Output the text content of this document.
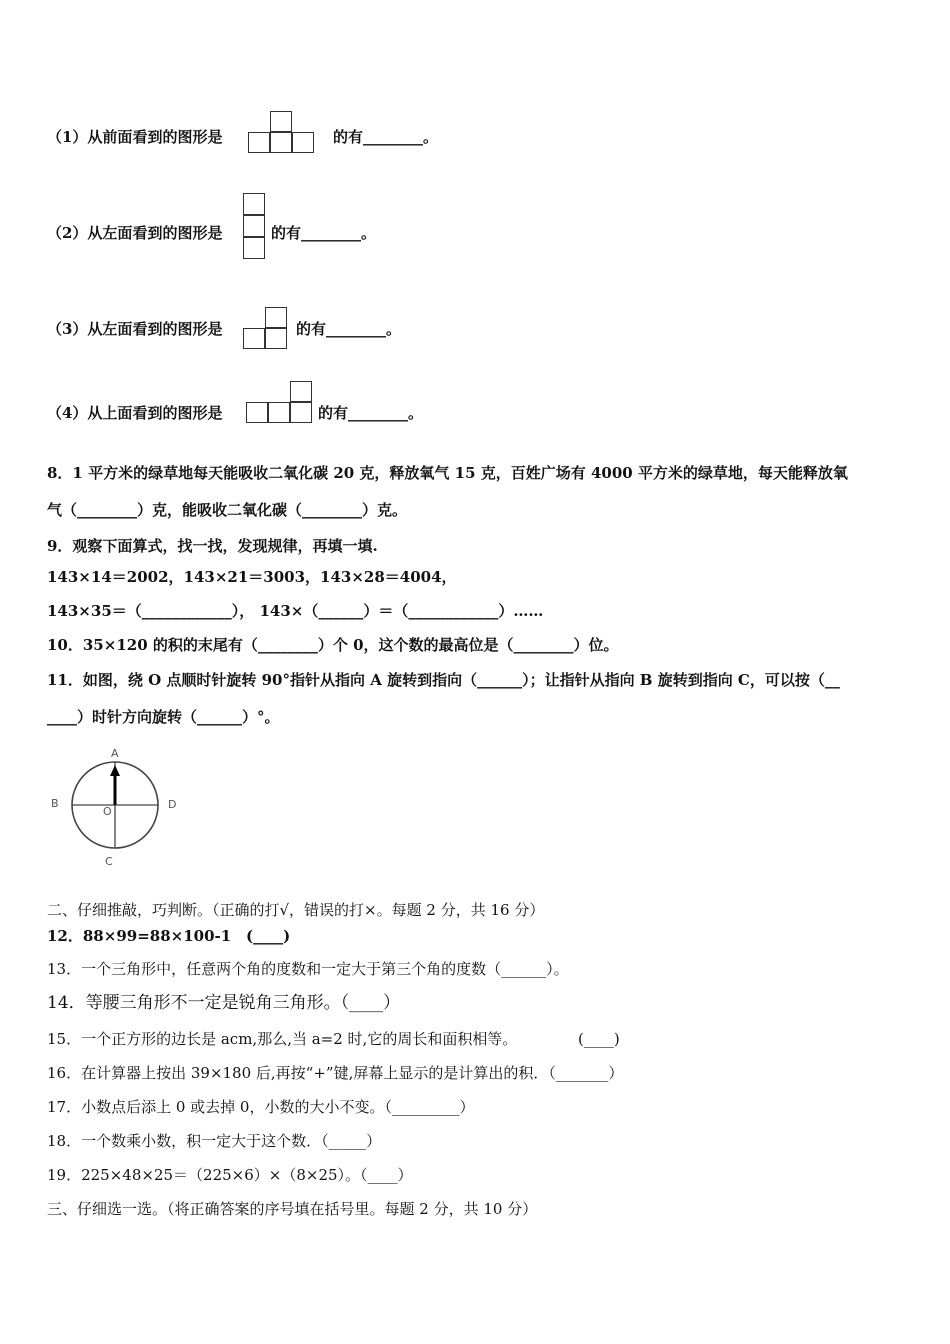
（1）从前面看到的图形是	的有________。
（2）从左面看到的图形是	的有________。
（3）从左面看到的图形是	的有________。
（4）从上面看到的图形是	的有________。
8．1 平方米的绿草地每天能吸收二氧化碳 20 克，释放氧气 15 克，百姓广场有 4000 平方米的绿草地，每天能释放氧
气（________）克，能吸收二氧化碳（________）克。
9．观察下面算式，找一找，发现规律，再填一填.
143×14＝2002，143×21＝3003，143×28＝4004，
143×35＝（____________）， 143×（______）＝（____________）……
10．35×120 的积的末尾有（________）个 0，这个数的最高位是（________）位。
11．如图，绕 O 点顺时针旋转 90°指针从指向 A 旋转到指向（______）；让指针从指向 B 旋转到指向 C，可以按（__
____）时针方向旋转（______）°。
A
B
C
D
O
二、仔细推敲，巧判断。（正确的打√，错误的打×。每题 2 分，共 16 分）
12．88×99=88×100-1 (____)
13．一个三角形中，任意两个角的度数和一定大于第三个角的度数（______）。
14．等腰三角形不一定是锐角三角形。（____）
15．一个正方形的边长是 acm,那么,当 a=2 时,它的周长和面积相等。	(____)
16．在计算器上按出 39×180 后,再按“+”键,屏幕上显示的是计算出的积．（_______）
17．小数点后添上 0 或去掉 0，小数的大小不变。（_________）
18．一个数乘小数，积一定大于这个数．（_____）
19．225×48×25＝（225×6）×（8×25）。（____）
三、仔细选一选。（将正确答案的序号填在括号里。每题 2 分，共 10 分）
